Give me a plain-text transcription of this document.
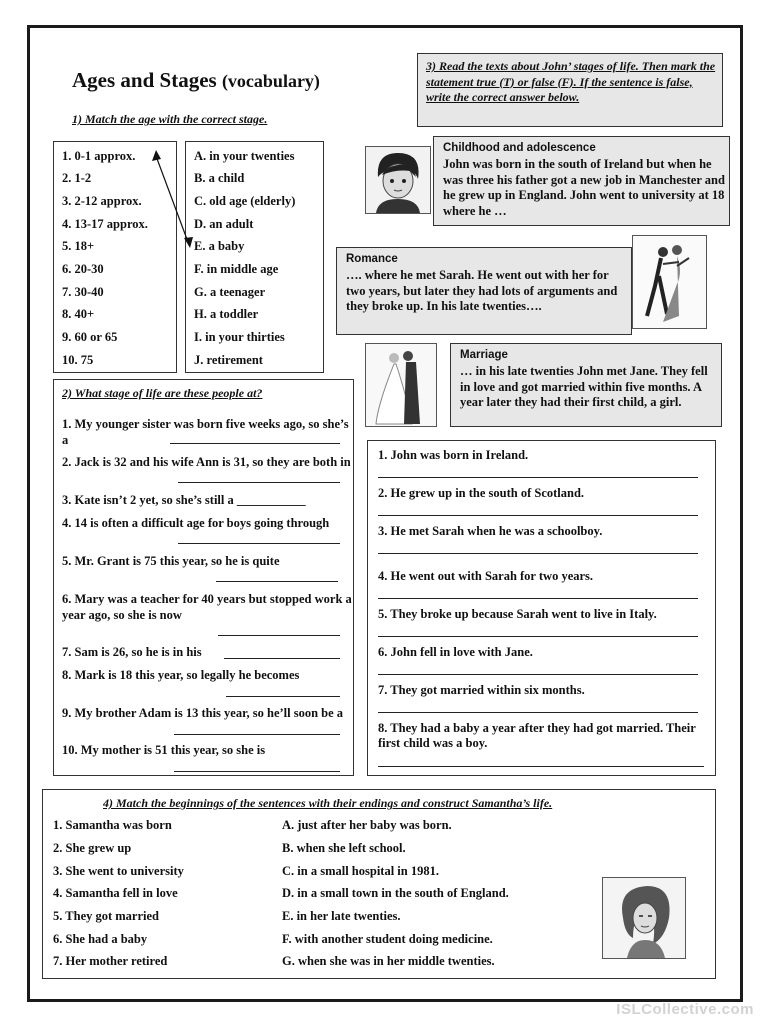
Ages and Stages (vocabulary)
1) Match the age with the correct stage.
1. 0-1 approx.
2. 1-2
3. 2-12 approx.
4. 13-17 approx.
5. 18+
6. 20-30
7. 30-40
8. 40+
9. 60 or 65
10. 75
A. in your twenties
B. a child
C. old age (elderly)
D. an adult
E. a baby
F. in middle age
G. a teenager
H. a toddler
I. in your thirties
J. retirement
2) What stage of life are these people at?
1. My younger sister was born five weeks ago, so she’s a
2. Jack is 32 and his wife Ann is 31, so they are both in
3. Kate isn’t 2 yet, so she’s still a ___________
4. 14 is often a difficult age for boys going through
5. Mr. Grant is 75 this year, so he is quite
6. Mary was a teacher for 40 years but stopped work a year ago, so she is now
7. Sam is 26, so he is in his
8. Mark is 18 this year, so legally he becomes
9. My brother Adam is 13 this year, so he’ll soon be a
10. My mother is 51 this year, so she is
3) Read the texts about John’ stages of life. Then mark the statement true (T) or false (F). If the sentence is false, write the correct answer below.
Childhood and adolescence
John was born in the south of Ireland but when he was three his father got a new job in Manchester and he grew up in England. John went to university at 18 where he …
Romance
…. where he met Sarah. He went out with her for two years, but later they had lots of arguments and they broke up. In his late twenties….
Marriage
… in his late twenties John met Jane. They fell in love and got married within five months. A year later they had their first child, a girl.
1. John was born in Ireland.
2. He grew up in the south of Scotland.
3. He met Sarah when he was a schoolboy.
4. He went out with Sarah for two years.
5. They broke up because Sarah went to live in Italy.
6. John fell in love with Jane.
7. They got married within six months.
8. They had a baby a year after they had got married. Their first child was a boy.
4) Match the beginnings of the sentences with their endings and construct Samantha’s life.
1. Samantha was born
2. She grew up
3. She went to university
4. Samantha fell in love
5. They got married
6. She had a baby
7. Her mother retired
A. just after her baby was born.
B. when she left school.
C. in a small hospital in 1981.
D. in a small town in the south of England.
E. in her late twenties.
F. with another student doing medicine.
G. when she was in her middle twenties.
ISLCollective.com
